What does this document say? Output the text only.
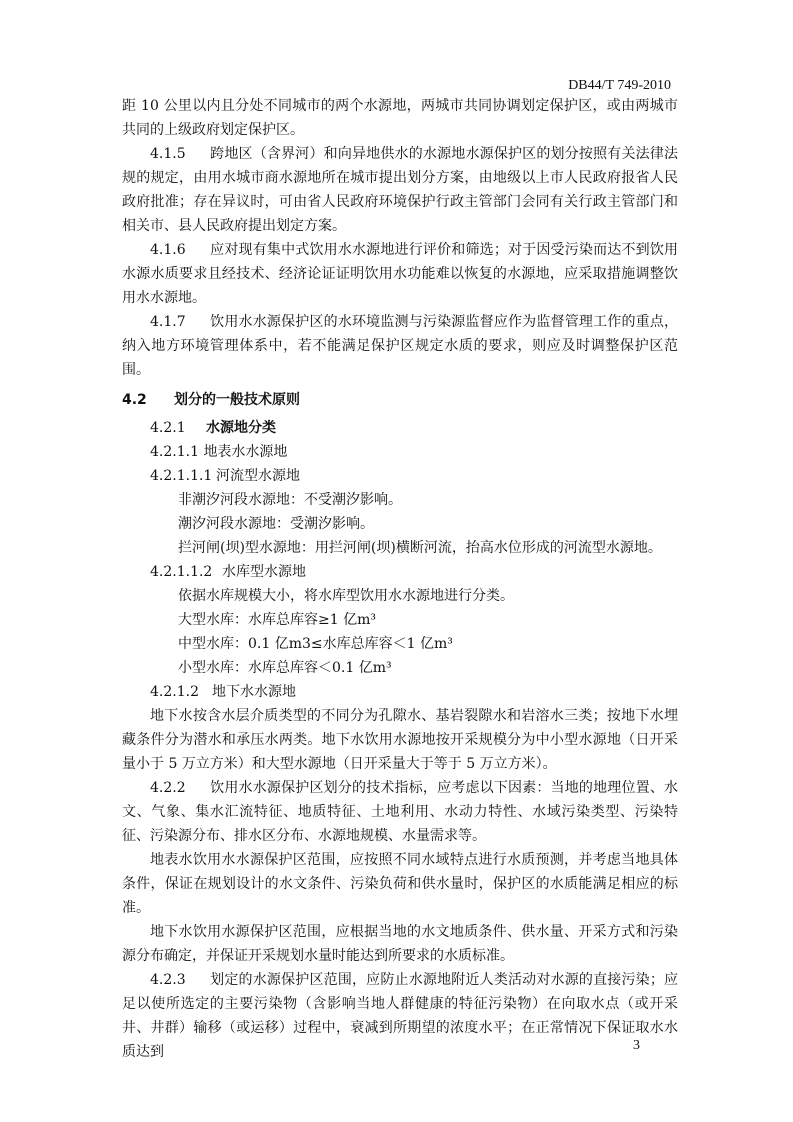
DB44/T 749-2010

距 10 公里以内且分处不同城市的两个水源地，两城市共同协调划定保护区，或由两城市共同的上级政府划定保护区。

4.1.5 跨地区（含界河）和向异地供水的水源地水源保护区的划分按照有关法律法规的规定，由用水城市商水源地所在城市提出划分方案，由地级以上市人民政府报省人民政府批准；存在异议时，可由省人民政府环境保护行政主管部门会同有关行政主管部门和相关市、县人民政府提出划定方案。

4.1.6 应对现有集中式饮用水水源地进行评价和筛选；对于因受污染而达不到饮用水源水质要求且经技术、经济论证证明饮用水功能难以恢复的水源地，应采取措施调整饮用水水源地。

4.1.7 饮用水水源保护区的水环境监测与污染源监督应作为监督管理工作的重点，纳入地方环境管理体系中，若不能满足保护区规定水质的要求，则应及时调整保护区范围。

4.2 划分的一般技术原则

4.2.1 水源地分类

4.2.1.1 地表水水源地

4.2.1.1.1 河流型水源地

非潮汐河段水源地：不受潮汐影响。

潮汐河段水源地：受潮汐影响。

拦河闸(坝)型水源地：用拦河闸(坝)横断河流，抬高水位形成的河流型水源地。

4.2.1.1.2 水库型水源地

依据水库规模大小，将水库型饮用水水源地进行分类。

大型水库：水库总库容≥1 亿m³

中型水库：0.1 亿m3≤水库总库容＜1 亿m³

小型水库：水库总库容＜0.1 亿m³

4.2.1.2 地下水水源地

地下水按含水层介质类型的不同分为孔隙水、基岩裂隙水和岩溶水三类；按地下水埋藏条件分为潜水和承压水两类。地下水饮用水源地按开采规模分为中小型水源地（日开采量小于 5 万立方米）和大型水源地（日开采量大于等于 5 万立方米）。

4.2.2 饮用水水源保护区划分的技术指标，应考虑以下因素：当地的地理位置、水文、气象、集水汇流特征、地质特征、土地利用、水动力特性、水域污染类型、污染特征、污染源分布、排水区分布、水源地规模、水量需求等。

地表水饮用水水源保护区范围，应按照不同水域特点进行水质预测，并考虑当地具体条件，保证在规划设计的水文条件、污染负荷和供水量时，保护区的水质能满足相应的标准。

地下水饮用水源保护区范围，应根据当地的水文地质条件、供水量、开采方式和污染源分布确定，并保证开采规划水量时能达到所要求的水质标准。

4.2.3 划定的水源保护区范围，应防止水源地附近人类活动对水源的直接污染；应足以使所选定的主要污染物（含影响当地人群健康的特征污染物）在向取水点（或开采井、井群）输移（或运移）过程中，衰减到所期望的浓度水平；在正常情况下保证取水水质达到	3
